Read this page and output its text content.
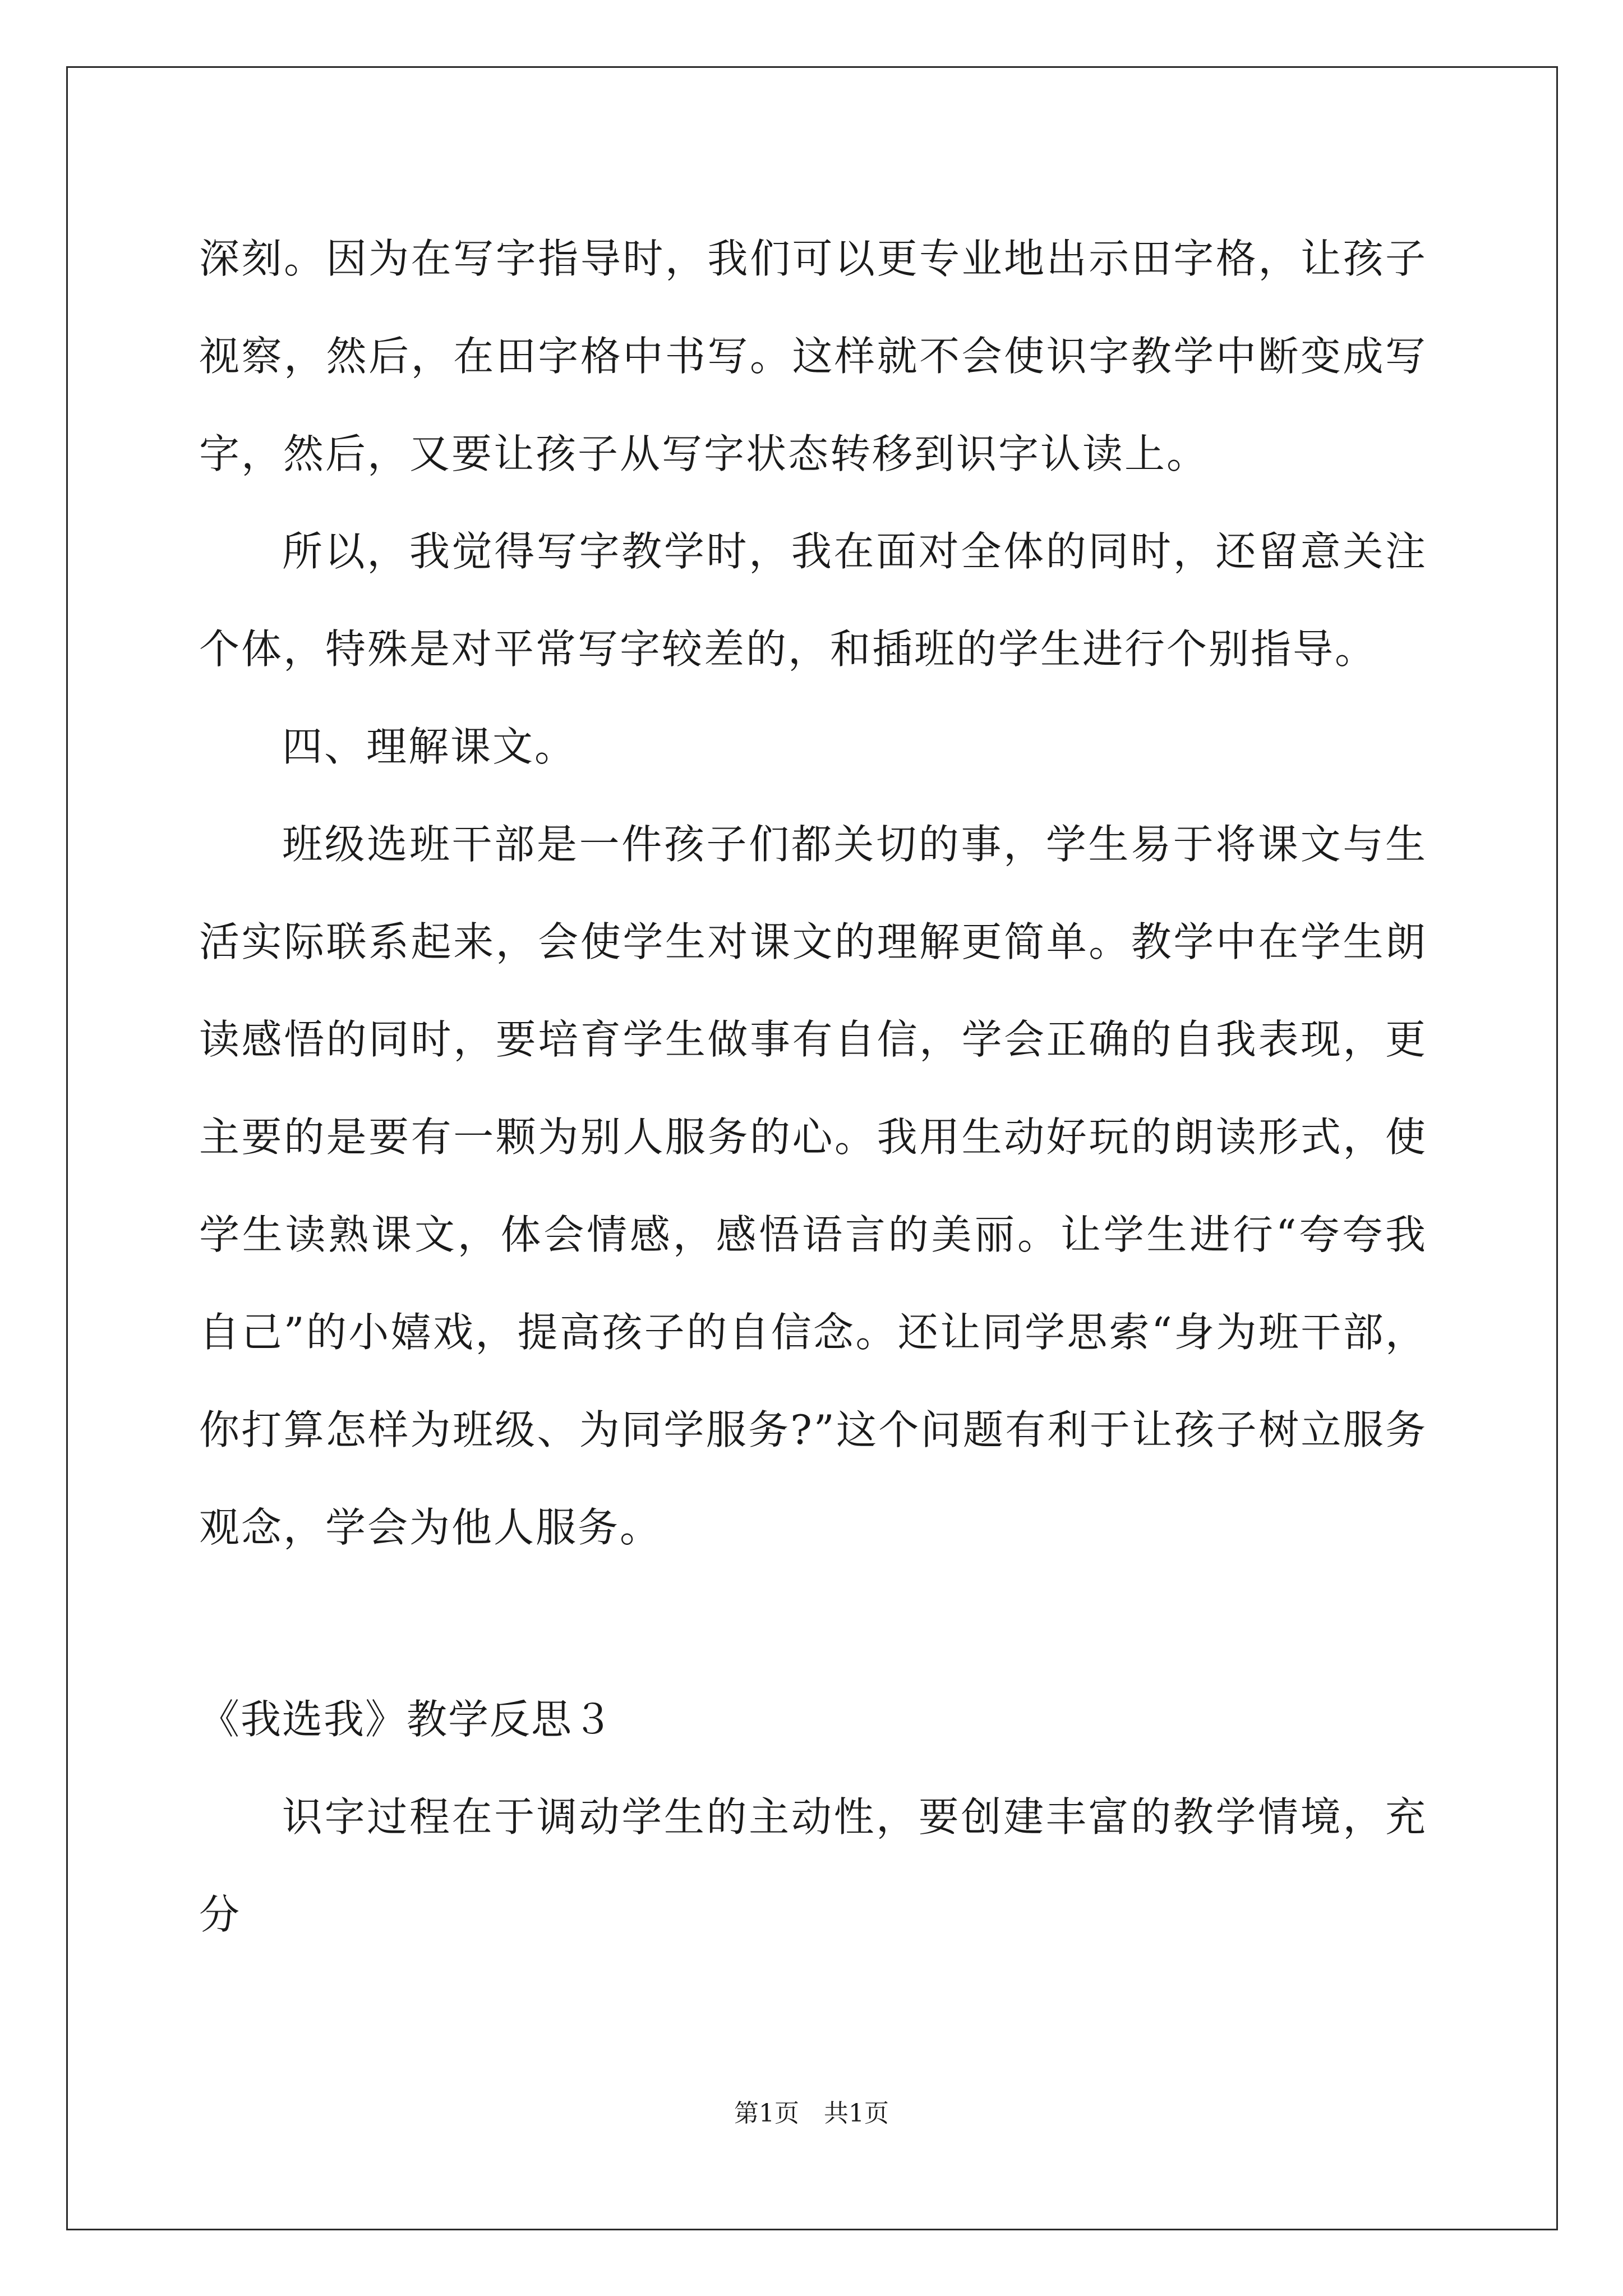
深刻。因为在写字指导时，我们可以更专业地出示田字格，让孩子视察，然后，在田字格中书写。这样就不会使识字教学中断变成写字，然后，又要让孩子从写字状态转移到识字认读上。

所以，我觉得写字教学时，我在面对全体的同时，还留意关注个体，特殊是对平常写字较差的，和插班的学生进行个别指导。

四、理解课文。

班级选班干部是一件孩子们都关切的事，学生易于将课文与生活实际联系起来，会使学生对课文的理解更简单。教学中在学生朗读感悟的同时，要培育学生做事有自信，学会正确的自我表现，更主要的是要有一颗为别人服务的心。我用生动好玩的朗读形式，使学生读熟课文，体会情感，感悟语言的美丽。让学生进行“夸夸我自己”的小嬉戏，提高孩子的自信念。还让同学思索“身为班干部，你打算怎样为班级、为同学服务?”这个问题有利于让孩子树立服务观念，学会为他人服务。

《我选我》教学反思３

识字过程在于调动学生的主动性，要创建丰富的教学情境，充分

第1页　共1页
